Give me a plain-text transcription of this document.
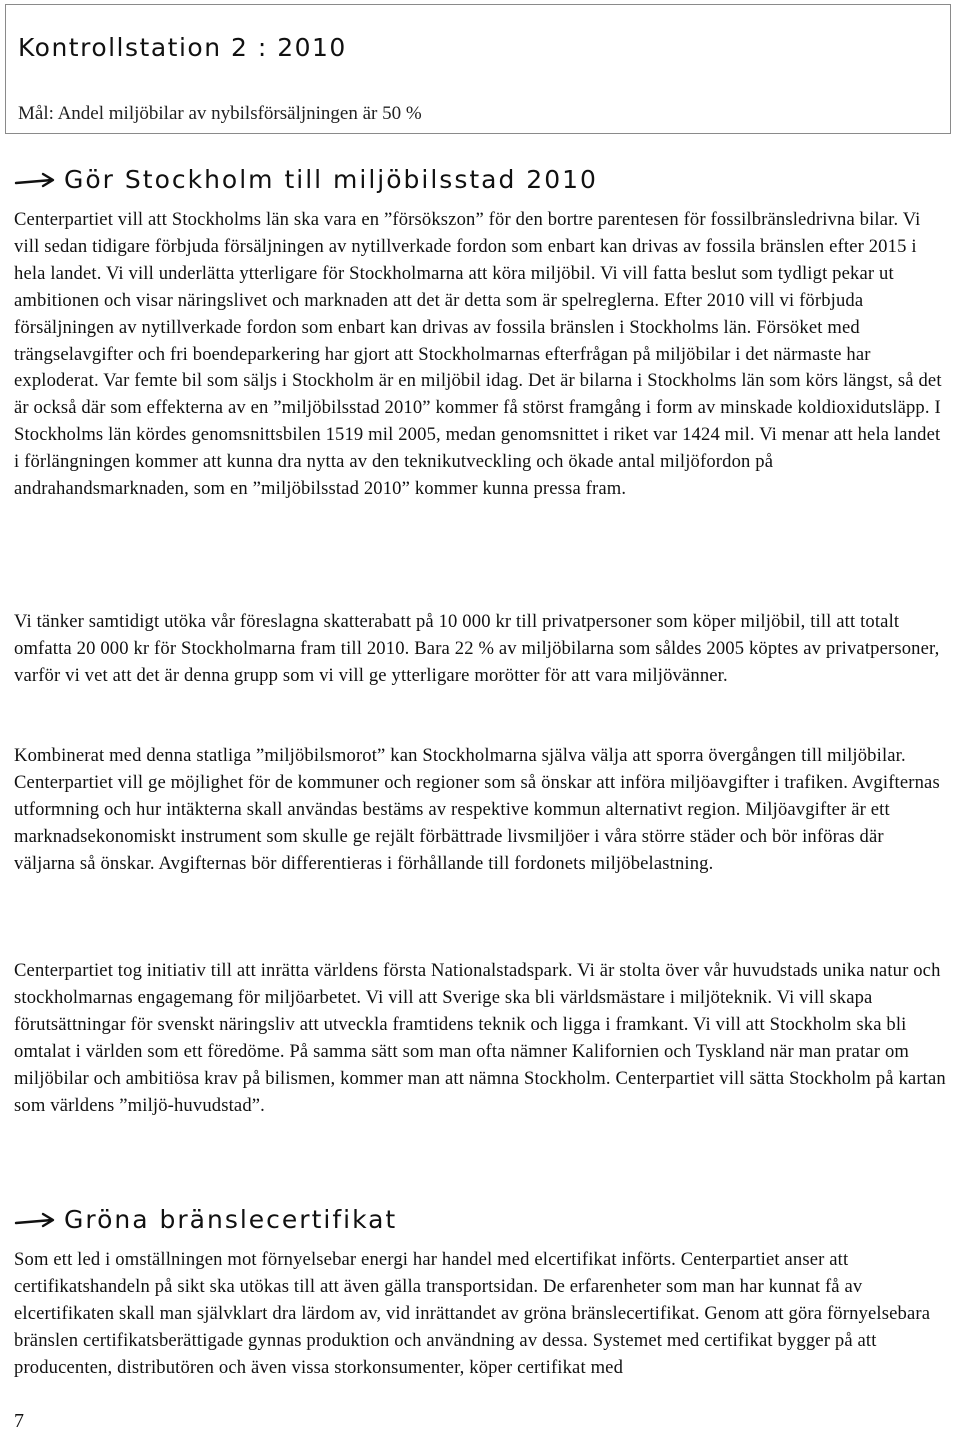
Kontrollstation 2 : 2010

Mål: Andel miljöbilar av nybilsförsäljningen är 50 %

Gör Stockholm till miljöbilsstad 2010

Centerpartiet vill att Stockholms län ska vara en ”försökszon” för den bortre parentesen för fossilbränsledrivna bilar. Vi vill sedan tidigare förbjuda försäljningen av nytillverkade fordon som enbart kan drivas av fossila bränslen efter 2015 i hela landet. Vi vill underlätta ytterligare för Stockholmarna att köra miljöbil. Vi vill fatta beslut som tydligt pekar ut ambitionen och visar näringslivet och marknaden att det är detta som är spelreglerna. Efter 2010 vill vi förbjuda försäljningen av nytillverkade fordon som enbart kan drivas av fossila bränslen i Stockholms län. Försöket med trängselavgifter och fri boendeparkering har gjort att Stockholmarnas efterfrågan på miljöbilar i det närmaste har exploderat. Var femte bil som säljs i Stockholm är en miljöbil idag. Det är bilarna i Stockholms län som körs längst, så det är också där som effekterna av en ”miljöbilsstad 2010” kommer få störst framgång i form av minskade koldioxidutsläpp. I Stockholms län kördes genomsnittsbilen 1519 mil 2005, medan genomsnittet i riket var 1424 mil. Vi menar att hela landet i förlängningen kommer att kunna dra nytta av den teknikutveckling och ökade antal miljöfordon på andrahandsmarknaden, som en ”miljöbilsstad 2010” kommer kunna pressa fram.

Vi tänker samtidigt utöka vår föreslagna skatterabatt på 10 000 kr till privatpersoner som köper miljöbil, till att totalt omfatta 20 000 kr för Stockholmarna fram till 2010. Bara 22 % av miljöbilarna som såldes 2005 köptes av privatpersoner, varför vi vet att det är denna grupp som vi vill ge ytterligare morötter för att vara miljövänner.

Kombinerat med denna statliga ”miljöbilsmorot” kan Stockholmarna själva välja att sporra övergången till miljöbilar. Centerpartiet vill ge möjlighet för de kommuner och regioner som så önskar att införa miljöavgifter i trafiken. Avgifternas utformning och hur intäkterna skall användas bestäms av respektive kommun alternativt region. Miljöavgifter är ett marknadsekonomiskt instrument som skulle ge rejält förbättrade livsmiljöer i våra större städer och bör införas där väljarna så önskar. Avgifternas bör differentieras i förhållande till fordonets miljöbelastning.

Centerpartiet tog initiativ till att inrätta världens första Nationalstadspark. Vi är stolta över vår huvudstads unika natur och stockholmarnas engagemang för miljöarbetet. Vi vill att Sverige ska bli världsmästare i miljöteknik. Vi vill skapa förutsättningar för svenskt näringsliv att utveckla framtidens teknik och ligga i framkant. Vi vill att Stockholm ska bli omtalat i världen som ett föredöme. På samma sätt som man ofta nämner Kalifornien och Tyskland när man pratar om miljöbilar och ambitiösa krav på bilismen, kommer man att nämna Stockholm. Centerpartiet vill sätta Stockholm på kartan som världens ”miljö-huvudstad”.

Gröna bränslecertifikat

Som ett led i omställningen mot förnyelsebar energi har handel med elcertifikat införts. Centerpartiet anser att certifikatshandeln på sikt ska utökas till att även gälla transportsidan. De erfarenheter som man har kunnat få av elcertifikaten skall man självklart dra lärdom av, vid inrättandet av gröna bränslecertifikat. Genom att göra förnyelsebara bränslen certifikatsberättigade gynnas produktion och användning av dessa. Systemet med certifikat bygger på att producenten, distributören och även vissa storkonsumenter, köper certifikat med

7
